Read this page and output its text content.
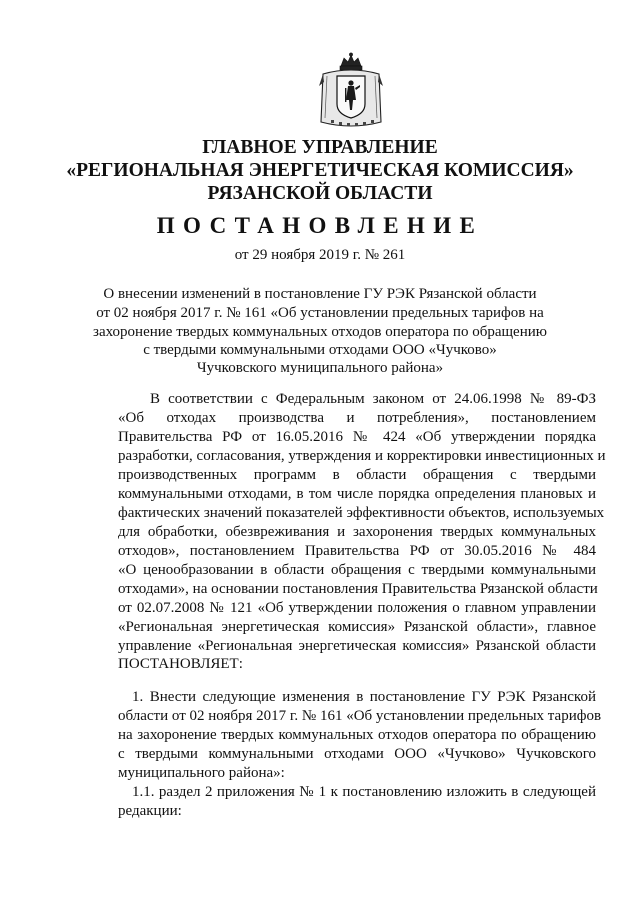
ГЛАВНОЕ УПРАВЛЕНИЕ
«РЕГИОНАЛЬНАЯ ЭНЕРГЕТИЧЕСКАЯ КОМИССИЯ»
РЯЗАНСКОЙ ОБЛАСТИ
ПОСТАНОВЛЕНИЕ
от 29 ноября 2019 г. № 261
О внесении изменений в постановление ГУ РЭК Рязанской области
от 02 ноября 2017 г. № 161 «Об установлении предельных тарифов на
захоронение твердых коммунальных отходов оператора по обращению
с твердыми коммунальными отходами ООО «Чучково»
Чучковского муниципального района»
В соответствии с Федеральным законом от 24.06.1998 № 89-ФЗ
«Об отходах производства и потребления», постановлением
Правительства РФ от 16.05.2016 № 424 «Об утверждении порядка
разработки, согласования, утверждения и корректировки инвестиционных и
производственных программ в области обращения с твердыми
коммунальными отходами, в том числе порядка определения плановых и
фактических значений показателей эффективности объектов, используемых
для обработки, обезвреживания и захоронения твердых коммунальных
отходов», постановлением Правительства РФ от 30.05.2016 № 484
«О ценообразовании в области обращения с твердыми коммунальными
отходами», на основании постановления Правительства Рязанской области
от 02.07.2008 № 121 «Об утверждении положения о главном управлении
«Региональная энергетическая комиссия» Рязанской области», главное
управление «Региональная энергетическая комиссия» Рязанской области
ПОСТАНОВЛЯЕТ:
1. Внести следующие изменения в постановление ГУ РЭК Рязанской
области от 02 ноября 2017 г. № 161 «Об установлении предельных тарифов
на захоронение твердых коммунальных отходов оператора по обращению
с твердыми коммунальными отходами ООО «Чучково» Чучковского
муниципального района»:
1.1. раздел 2 приложения № 1 к постановлению изложить в следующей
редакции:
